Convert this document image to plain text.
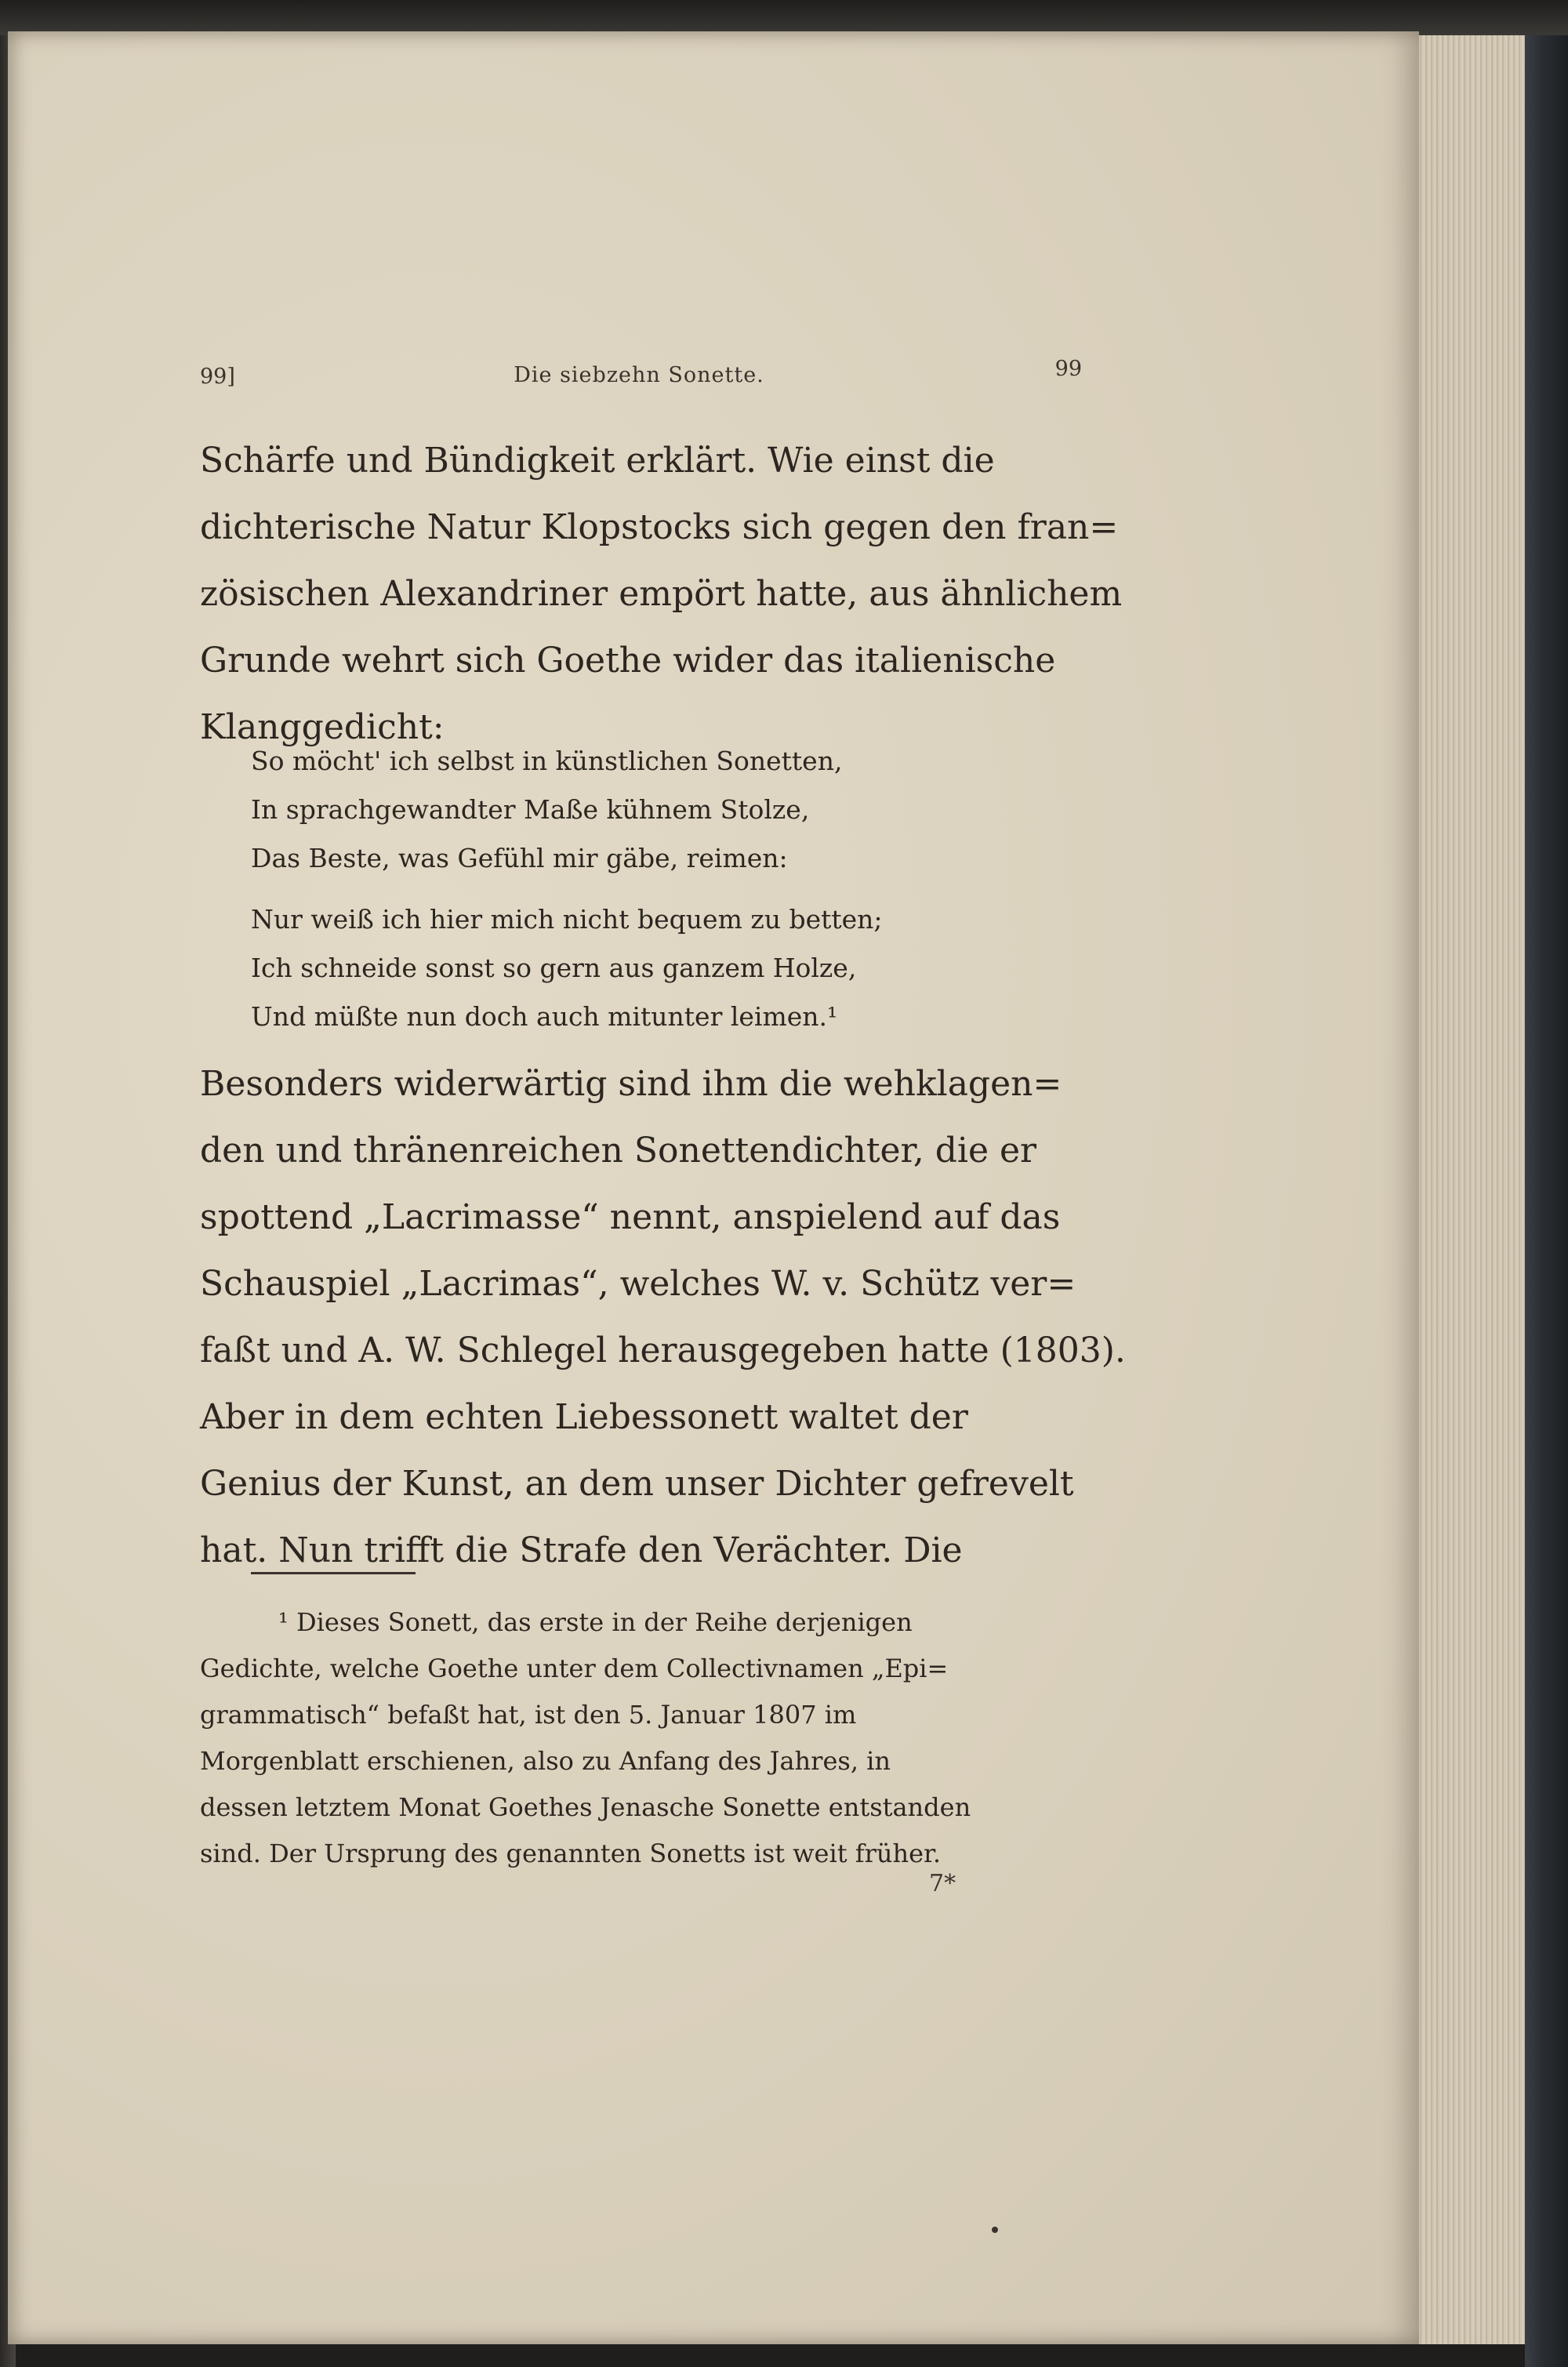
99]	Die siebzehn Sonette.	99
Schärfe und Bündigkeit erklärt. Wie einst die
dichterische Natur Klopstocks sich gegen den fran=
zösischen Alexandriner empört hatte, aus ähnlichem
Grunde wehrt sich Goethe wider das italienische
Klanggedicht:
So möcht' ich selbst in künstlichen Sonetten,
In sprachgewandter Maße kühnem Stolze,
Das Beste, was Gefühl mir gäbe, reimen:
Nur weiß ich hier mich nicht bequem zu betten;
Ich schneide sonst so gern aus ganzem Holze,
Und müßte nun doch auch mitunter leimen.¹
Besonders widerwärtig sind ihm die wehklagen=
den und thränenreichen Sonettendichter, die er
spottend „Lacrimasse“ nennt, anspielend auf das
Schauspiel „Lacrimas“, welches W. v. Schütz ver=
faßt und A. W. Schlegel herausgegeben hatte (1803).
Aber in dem echten Liebessonett waltet der
Genius der Kunst, an dem unser Dichter gefrevelt
hat. Nun trifft die Strafe den Verächter. Die
¹ Dieses Sonett, das erste in der Reihe derjenigen
Gedichte, welche Goethe unter dem Collectivnamen „Epi=
grammatisch“ befaßt hat, ist den 5. Januar 1807 im
Morgenblatt erschienen, also zu Anfang des Jahres, in
dessen letztem Monat Goethes Jenasche Sonette entstanden
sind. Der Ursprung des genannten Sonetts ist weit früher.
7*
